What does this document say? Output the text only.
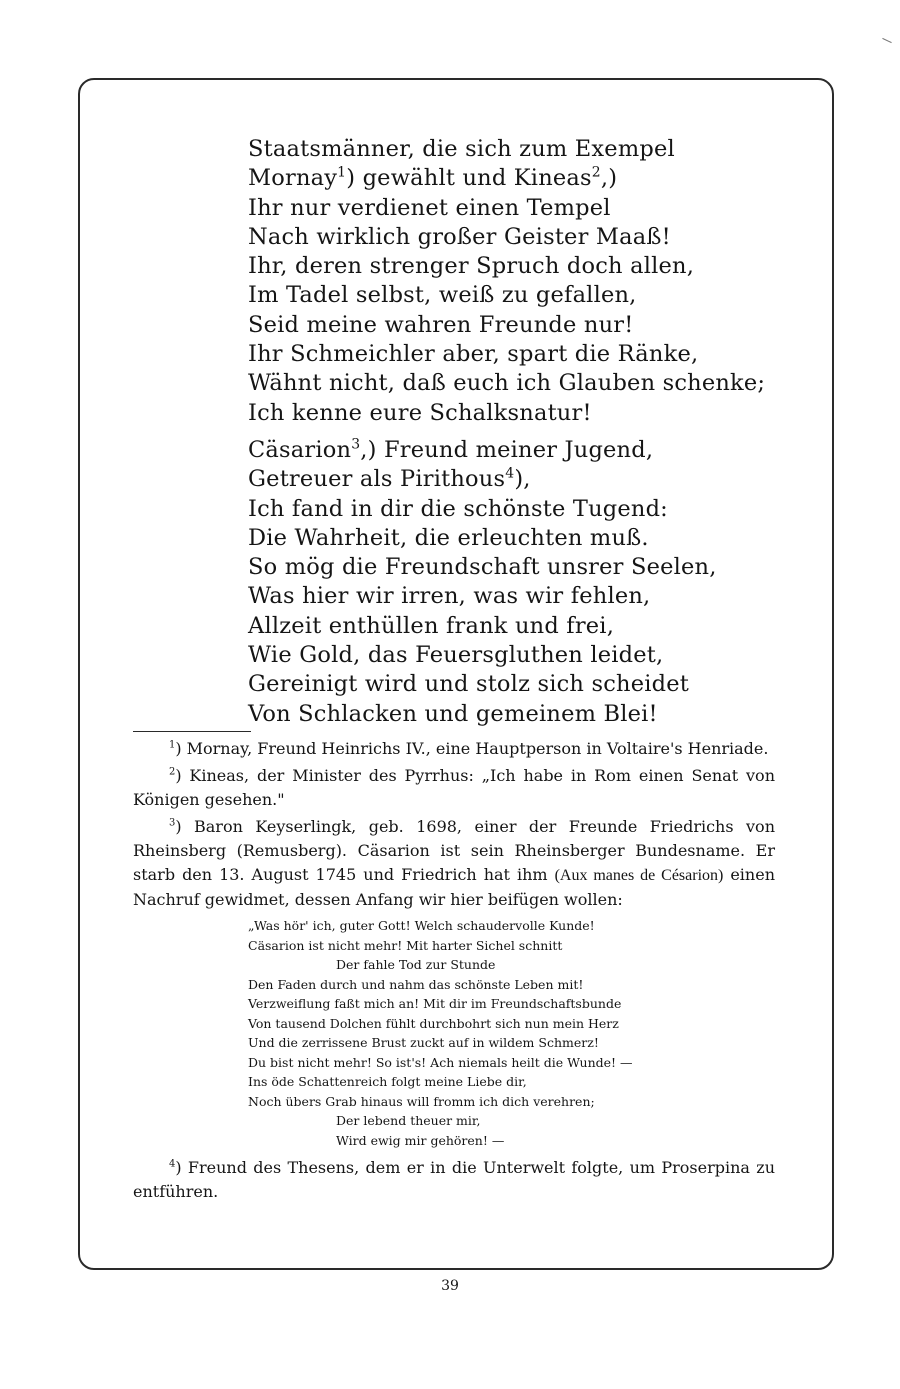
Staatsmänner, die sich zum Exempel
Mornay$^1$) gewählt und Kineas$^2$,)
Ihr nur verdienet einen Tempel
Nach wirklich großer Geister Maaß!
Ihr, deren strenger Spruch doch allen,
Im Tadel selbst, weiß zu gefallen,
Seid meine wahren Freunde nur!
Ihr Schmeichler aber, spart die Ränke,
Wähnt nicht, daß euch ich Glauben schenke;
Ich kenne eure Schalksnatur!
Cäsarion$^3$,) Freund meiner Jugend,
Getreuer als Pirithous$^4$),
Ich fand in dir die schönste Tugend:
Die Wahrheit, die erleuchten muß.
So mög die Freundschaft unsrer Seelen,
Was hier wir irren, was wir fehlen,
Allzeit enthüllen frank und frei,
Wie Gold, das Feuersgluthen leidet,
Gereinigt wird und stolz sich scheidet
Von Schlacken und gemeinem Blei!

$^1$) Mornay, Freund Heinrichs IV., eine Hauptperson in Voltaire's Henriade.

$^2$) Kineas, der Minister des Pyrrhus: „Ich habe in Rom einen Senat von Königen gesehen."

$^3$) Baron Keyserlingk, geb. 1698, einer der Freunde Friedrichs von Rheinsberg (Remusberg). Cäsarion ist sein Rheinsberger Bundesname. Er starb den 13. August 1745 und Friedrich hat ihm (Aux manes de Césarion) einen Nachruf gewidmet, dessen Anfang wir hier beifügen wollen:

„Was hör' ich, guter Gott! Welch schaudervolle Kunde!
Cäsarion ist nicht mehr! Mit harter Sichel schnitt
Der fahle Tod zur Stunde
Den Faden durch und nahm das schönste Leben mit!
Verzweiflung faßt mich an! Mit dir im Freundschaftsbunde
Von tausend Dolchen fühlt durchbohrt sich nun mein Herz
Und die zerrissene Brust zuckt auf in wildem Schmerz!
Du bist nicht mehr! So ist's! Ach niemals heilt die Wunde! —
Ins öde Schattenreich folgt meine Liebe dir,
Noch übers Grab hinaus will fromm ich dich verehren;
Der lebend theuer mir,
Wird ewig mir gehören! —

$^4$) Freund des Thesens, dem er in die Unterwelt folgte, um Proserpina zu entführen.

39
